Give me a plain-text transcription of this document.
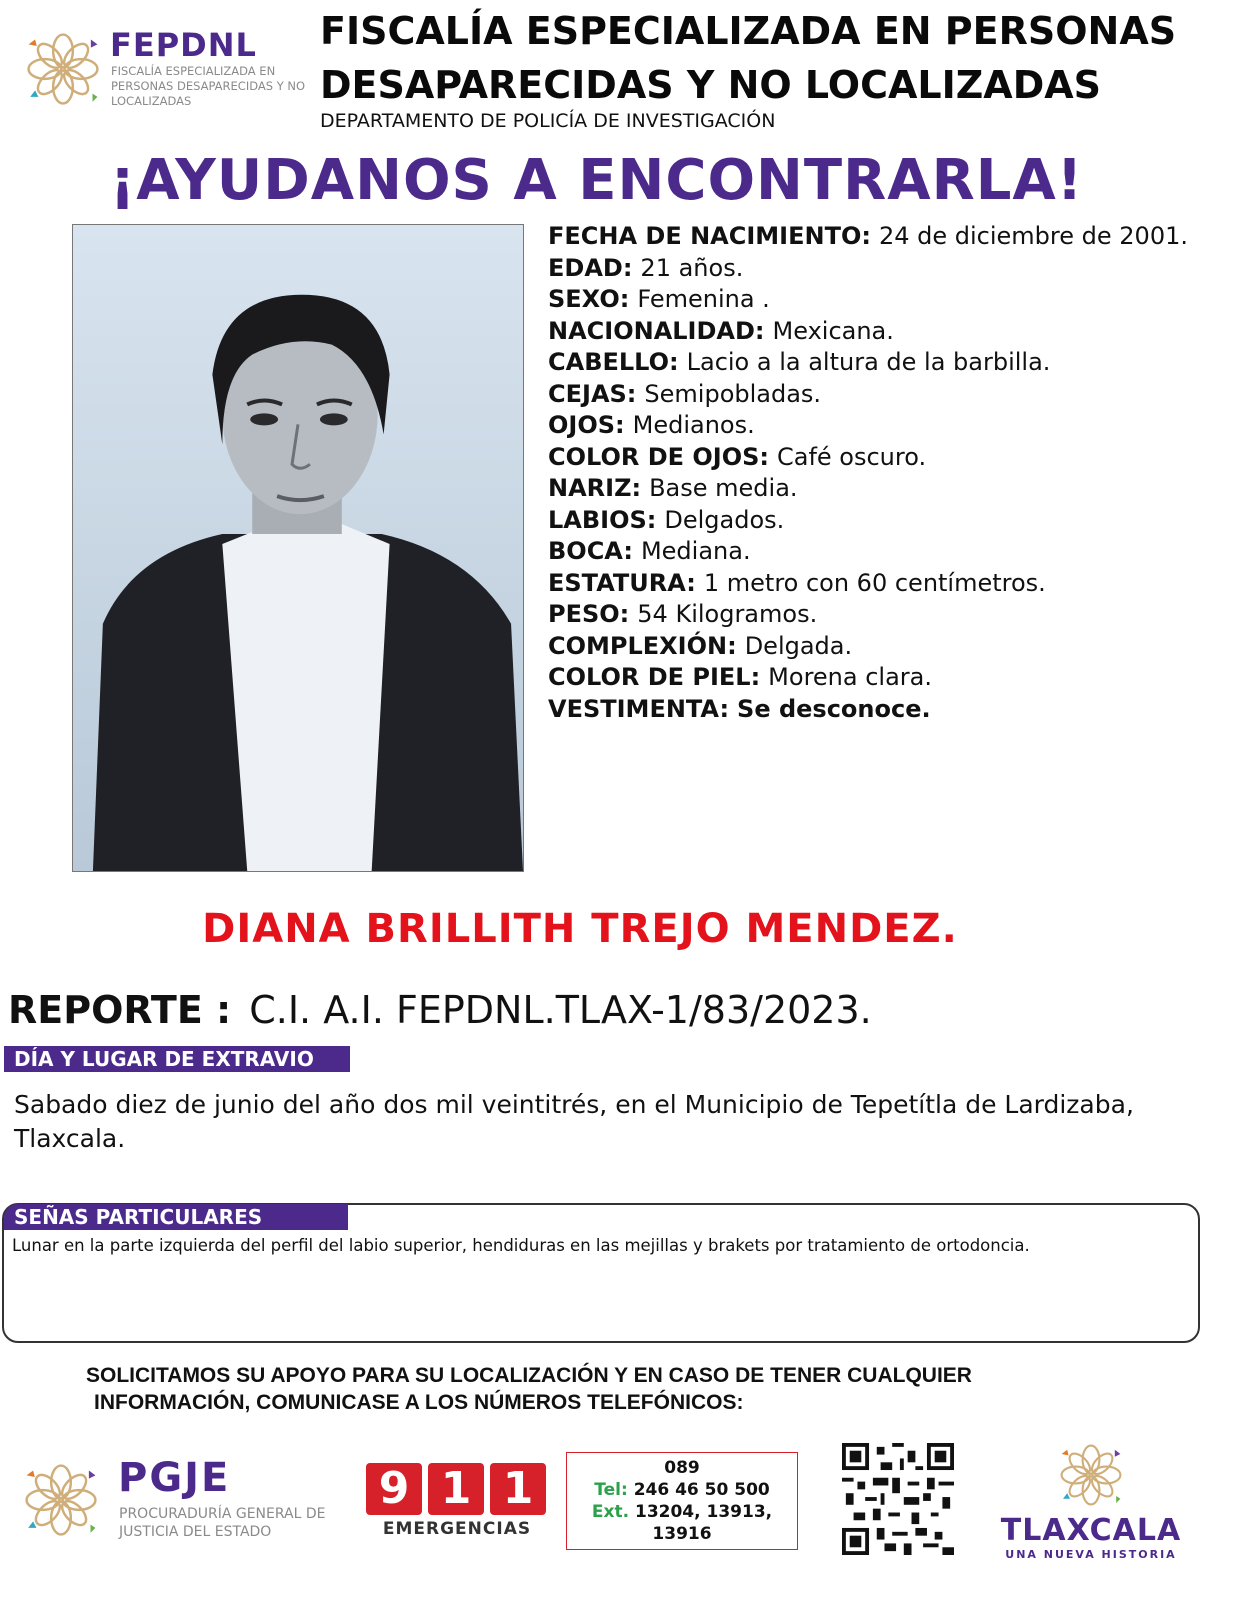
FEPDNL
FISCALÍA ESPECIALIZADA EN PERSONAS DESAPARECIDAS Y NO LOCALIZADAS
FISCALÍA ESPECIALIZADA EN PERSONAS
DESAPARECIDAS Y NO LOCALIZADAS
DEPARTAMENTO DE POLICÍA DE INVESTIGACIÓN
¡AYUDANOS A ENCONTRARLA!
FECHA DE NACIMIENTO: 24 de diciembre de 2001.
EDAD: 21 años.
SEXO: Femenina .
NACIONALIDAD: Mexicana.
CABELLO: Lacio a la altura de la barbilla.
CEJAS: Semipobladas.
OJOS: Medianos.
COLOR DE OJOS: Café oscuro.
NARIZ: Base media.
LABIOS: Delgados.
BOCA: Mediana.
ESTATURA: 1 metro con 60 centímetros.
PESO: 54 Kilogramos.
COMPLEXIÓN: Delgada.
COLOR DE PIEL: Morena clara.
VESTIMENTA: Se desconoce.
DIANA BRILLITH TREJO MENDEZ.
REPORTE : C.I. A.I. FEPDNL.TLAX-1/83/2023.
DÍA Y LUGAR DE EXTRAVIO
Sabado diez de junio del año dos mil veintitrés, en el Municipio de Tepetítla de Lardizaba, Tlaxcala.
SEÑAS PARTICULARES
Lunar en la parte izquierda del perfil del labio superior, hendiduras en las mejillas y brakets por tratamiento de ortodoncia.
SOLICITAMOS SU APOYO PARA SU LOCALIZACIÓN Y EN CASO DE TENER CUALQUIER
INFORMACIÓN, COMUNICASE A LOS NÚMEROS TELEFÓNICOS:
PGJE
PROCURADURÍA GENERAL DE JUSTICIA DEL ESTADO
9 1 1
EMERGENCIAS
089
Tel: 246 46 50 500
Ext. 13204, 13913, 13916	TLAXCALA
UNA NUEVA HISTORIA
